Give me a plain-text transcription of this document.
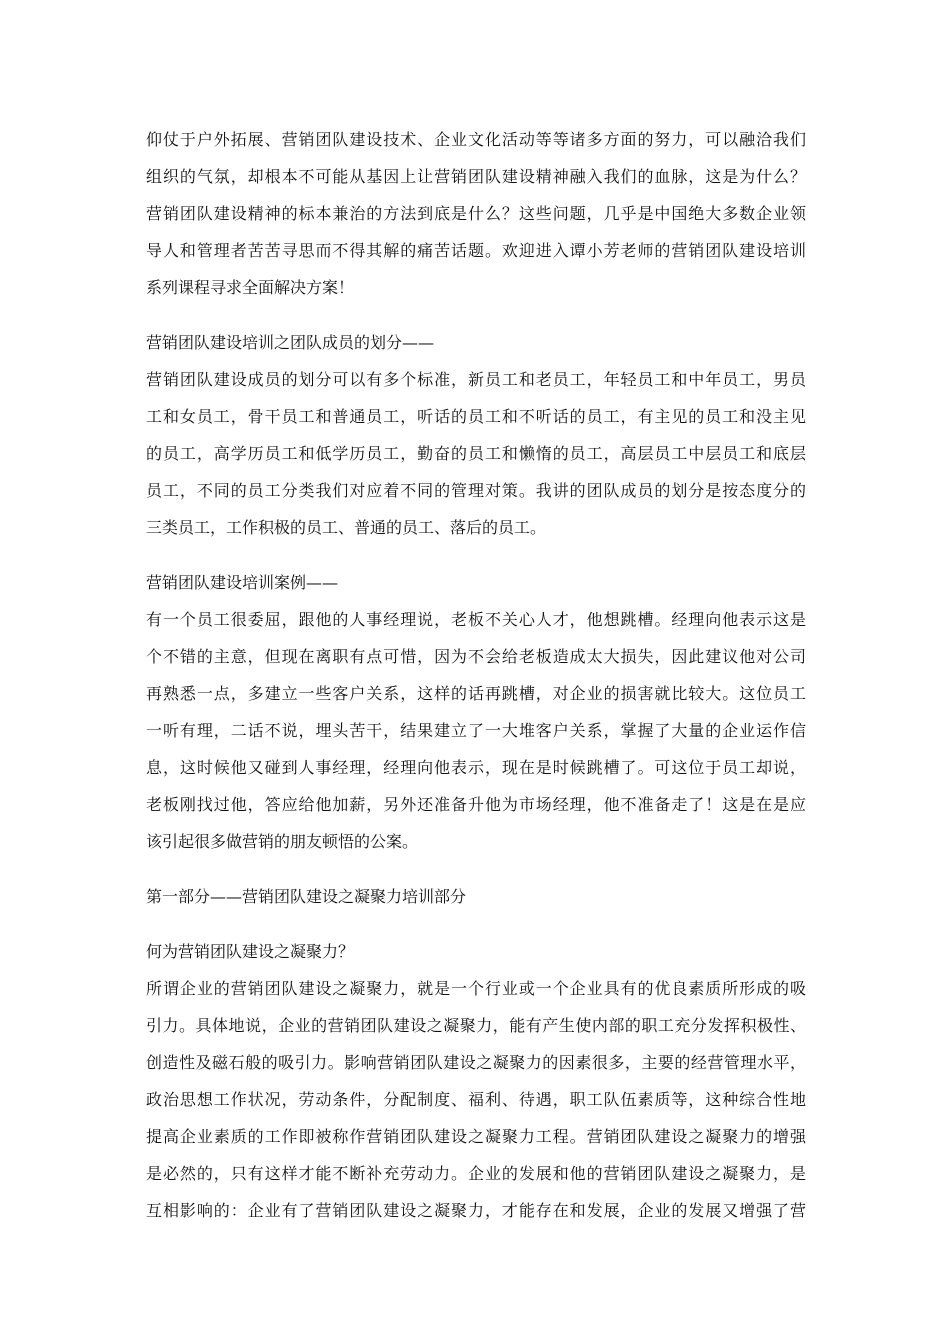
仰仗于户外拓展、营销团队建设技术、企业文化活动等等诸多方面的努力，可以融洽我们
组织的气氛，却根本不可能从基因上让营销团队建设精神融入我们的血脉，这是为什么？
营销团队建设精神的标本兼治的方法到底是什么？这些问题，几乎是中国绝大多数企业领
导人和管理者苦苦寻思而不得其解的痛苦话题。欢迎进入谭小芳老师的营销团队建设培训
系列课程寻求全面解决方案！
营销团队建设培训之团队成员的划分——
营销团队建设成员的划分可以有多个标准，新员工和老员工，年轻员工和中年员工，男员
工和女员工，骨干员工和普通员工，听话的员工和不听话的员工，有主见的员工和没主见
的员工，高学历员工和低学历员工，勤奋的员工和懒惰的员工，高层员工中层员工和底层
员工，不同的员工分类我们对应着不同的管理对策。我讲的团队成员的划分是按态度分的
三类员工，工作积极的员工、普通的员工、落后的员工。
营销团队建设培训案例——
有一个员工很委屈，跟他的人事经理说，老板不关心人才，他想跳槽。经理向他表示这是
个不错的主意，但现在离职有点可惜，因为不会给老板造成太大损失，因此建议他对公司
再熟悉一点，多建立一些客户关系，这样的话再跳槽，对企业的损害就比较大。这位员工
一听有理，二话不说，埋头苦干，结果建立了一大堆客户关系，掌握了大量的企业运作信
息，这时候他又碰到人事经理，经理向他表示，现在是时候跳槽了。可这位于员工却说，
老板刚找过他，答应给他加薪，另外还准备升他为市场经理，他不准备走了！这是在是应
该引起很多做营销的朋友顿悟的公案。
第一部分——营销团队建设之凝聚力培训部分
何为营销团队建设之凝聚力？
所谓企业的营销团队建设之凝聚力，就是一个行业或一个企业具有的优良素质所形成的吸
引力。具体地说，企业的营销团队建设之凝聚力，能有产生使内部的职工充分发挥积极性、
创造性及磁石般的吸引力。影响营销团队建设之凝聚力的因素很多，主要的经营管理水平，
政治思想工作状况，劳动条件，分配制度、福利、待遇，职工队伍素质等，这种综合性地
提高企业素质的工作即被称作营销团队建设之凝聚力工程。营销团队建设之凝聚力的增强
是必然的，只有这样才能不断补充劳动力。企业的发展和他的营销团队建设之凝聚力，是
互相影响的：企业有了营销团队建设之凝聚力，才能存在和发展，企业的发展又增强了营
